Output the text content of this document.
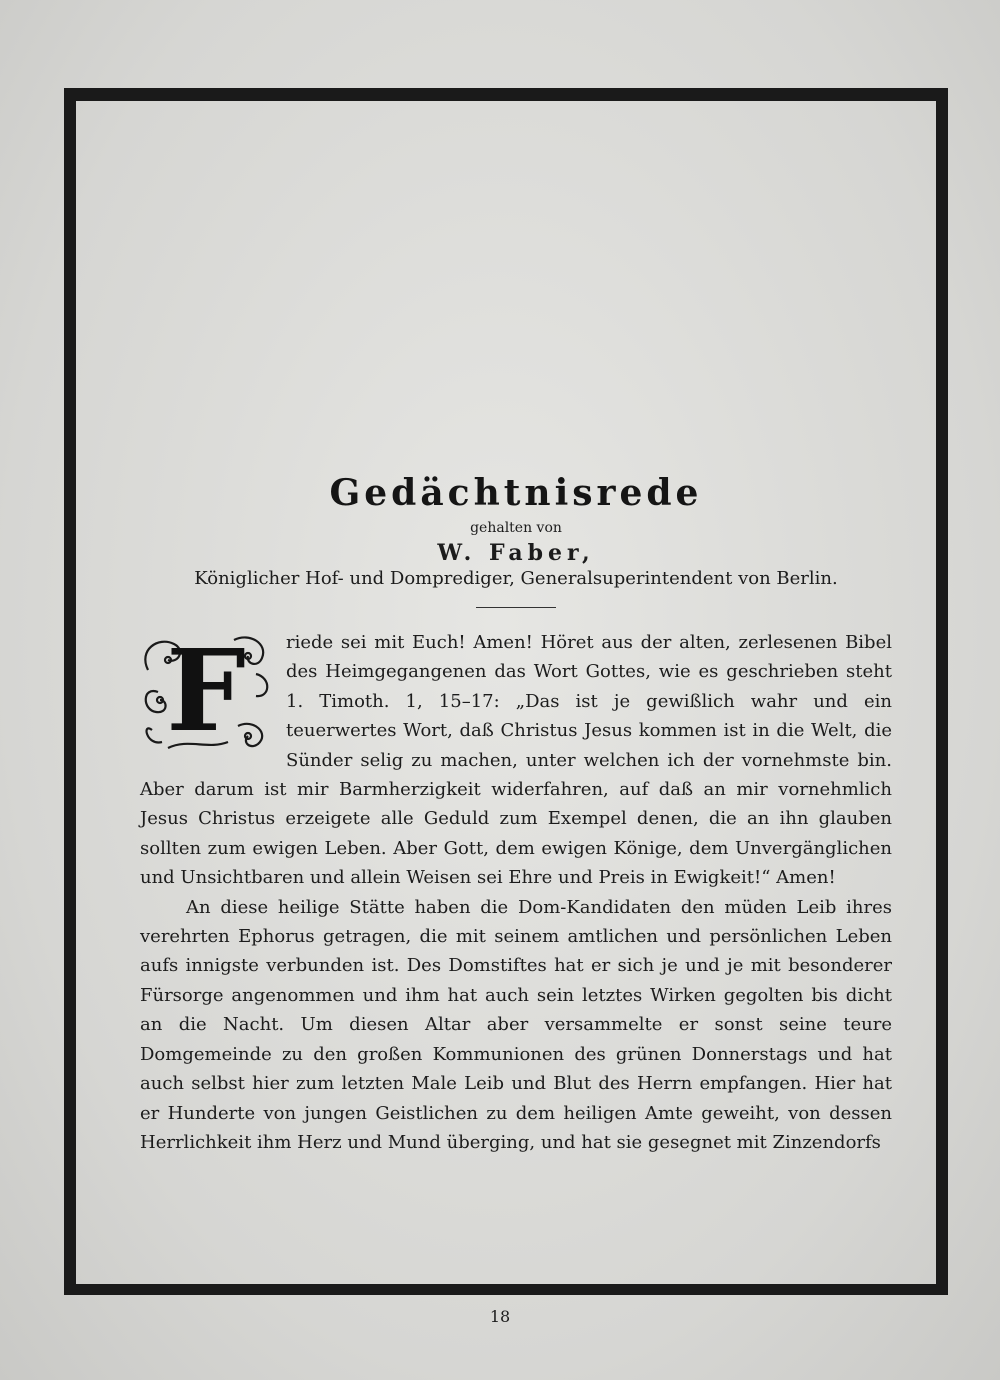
Gedächtnisrede

gehalten von

W. Faber,

Königlicher Hof- und Domprediger, Generalsuperintendent von Berlin.

F	riede sei mit Euch! Amen! Höret aus der alten, zerlesenen Bibel des Heimgegangenen das Wort Gottes, wie es geschrieben steht 1. Timoth. 1, 15–17: „Das ist je gewißlich wahr und ein teuerwertes Wort, daß Christus Jesus kommen ist in die Welt, die Sünder selig zu machen, unter welchen ich der vornehmste bin. Aber darum ist mir Barmherzigkeit widerfahren, auf daß an mir vornehmlich Jesus Christus erzeigete alle Geduld zum Exempel denen, die an ihn glauben sollten zum ewigen Leben. Aber Gott, dem ewigen Könige, dem Unvergänglichen und Unsichtbaren und allein Weisen sei Ehre und Preis in Ewigkeit!“ Amen!

An diese heilige Stätte haben die Dom-Kandidaten den müden Leib ihres verehrten Ephorus getragen, die mit seinem amtlichen und persönlichen Leben aufs innigste verbunden ist. Des Domstiftes hat er sich je und je mit besonderer Fürsorge angenommen und ihm hat auch sein letztes Wirken gegolten bis dicht an die Nacht. Um diesen Altar aber versammelte er sonst seine teure Domgemeinde zu den großen Kommunionen des grünen Donnerstags und hat auch selbst hier zum letzten Male Leib und Blut des Herrn empfangen. Hier hat er Hunderte von jungen Geistlichen zu dem heiligen Amte geweiht, von dessen Herrlichkeit ihm Herz und Mund überging, und hat sie gesegnet mit Zinzendorfs

18
